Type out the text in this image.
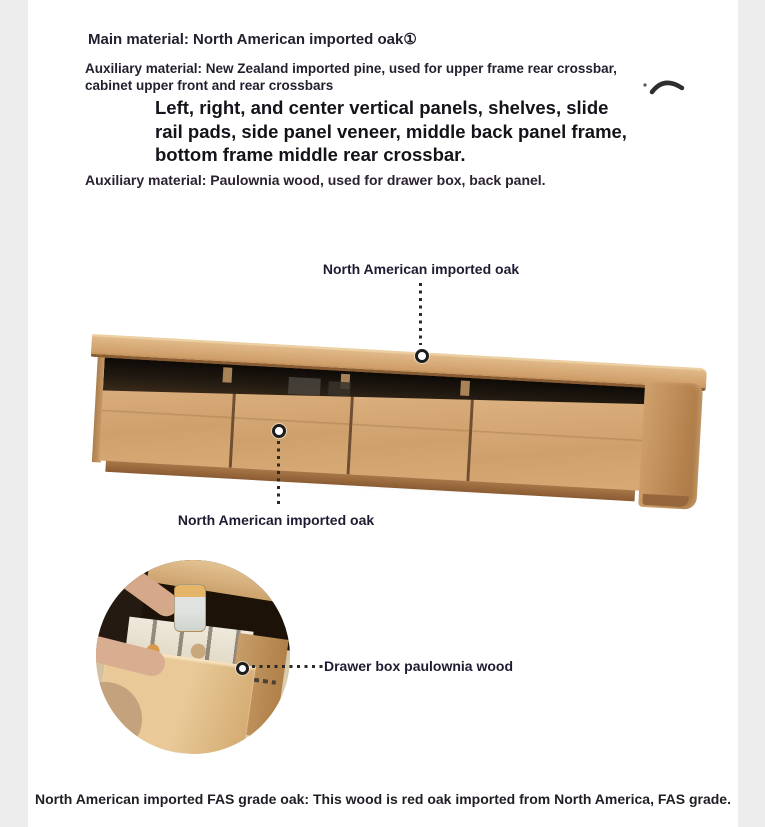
Main material: North American imported oak①
Auxiliary material: New Zealand imported pine, used for upper frame rear crossbar,
cabinet upper front and rear crossbars
Left, right, and center vertical panels, shelves, slide
rail pads, side panel veneer, middle back panel frame,
bottom frame middle rear crossbar.
Auxiliary material: Paulownia wood, used for drawer box, back panel.
North American imported oak
North American imported oak
Drawer box paulownia wood
North American imported FAS grade oak: This wood is red oak imported from North America, FAS grade.
